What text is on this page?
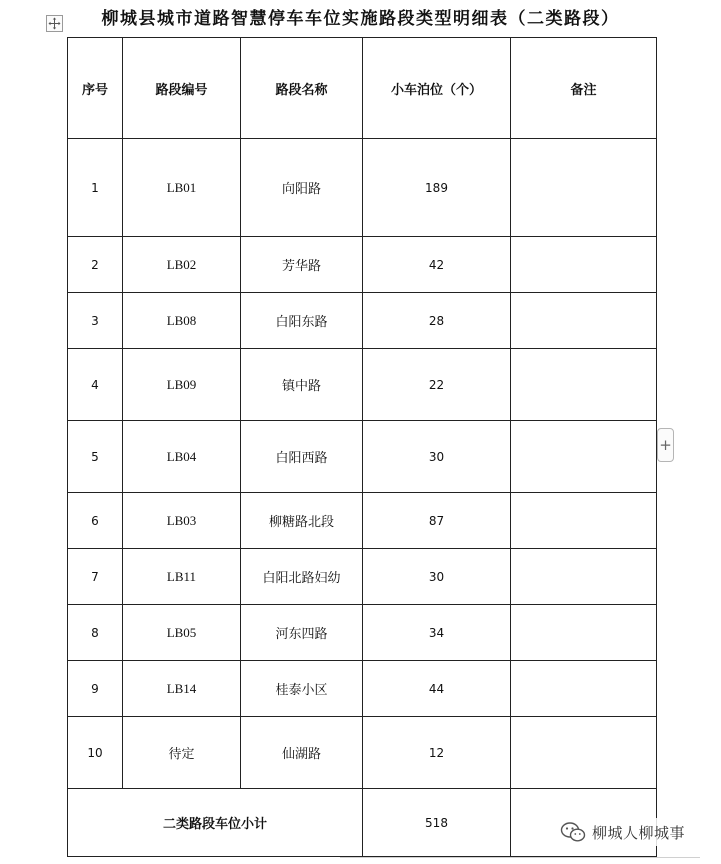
柳城县城市道路智慧停车车位实施路段类型明细表（二类路段）
序号	路段编号	路段名称	小车泊位（个）	备注
1	LB01	向阳路	189	
2	LB02	芳华路	42	
3	LB08	白阳东路	28	
4	LB09	镇中路	22	
5	LB04	白阳西路	30	
6	LB03	柳糖路北段	87	
7	LB11	白阳北路妇幼	30	
8	LB05	河东四路	34	
9	LB14	桂泰小区	44	
10	待定	仙湖路	12	
二类路段车位小计			518	
+
柳城人柳城事
